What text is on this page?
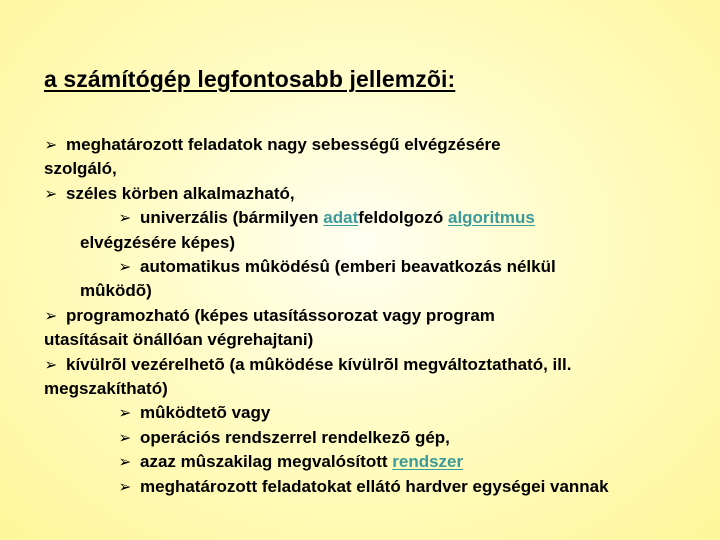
a számítógép legfontosabb jellemzõi:
➢ meghatározott feladatok nagy sebességű elvégzésére
szolgáló,
➢ széles körben alkalmazható,
➢ univerzális (bármilyen adatfeldolgozó algoritmus
elvégzésére képes)
➢ automatikus mûködésû (emberi beavatkozás nélkül
mûködõ)
➢ programozható (képes utasítássorozat vagy program
utasításait önállóan végrehajtani)
➢ kívülrõl vezérelhetõ (a mûködése kívülrõl megváltoztatható, ill.
megszakítható)
➢ mûködtetõ vagy
➢ operációs rendszerrel rendelkezõ gép,
➢ azaz mûszakilag megvalósított rendszer
➢ meghatározott feladatokat ellátó hardver egységei vannak
